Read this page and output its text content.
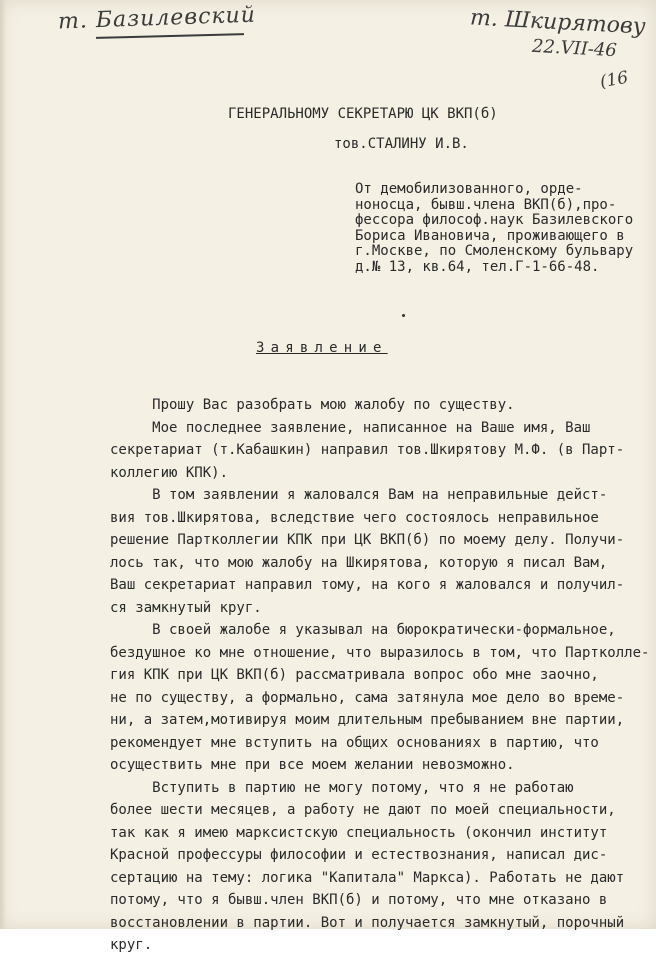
т. Базилевский	т. Шкирятову
22.VII-46
(16
ГЕНЕРАЛЬНОМУ СЕКРЕТАРЮ ЦК ВКП(б)
тов.СТАЛИНУ И.В.
От демобилизованного, орде-
ноносца, бывш.члена ВКП(б),про-
фессора философ.наук Базилевского
Бориса Ивановича, проживающего в
г.Москве, по Смоленскому бульвару
д.№ 13, кв.64, тел.Г-1-66-48.
Заявление
Прошу Вас разобрать мою жалобу по существу.
Мое последнее заявление, написанное на Ваше имя, Ваш
секретариат (т.Кабашкин) направил тов.Шкирятову М.Ф. (в Парт-
коллегию КПК).
В том заявлении я жаловался Вам на неправильные дейст-
вия тов.Шкирятова, вследствие чего состоялось неправильное
решение Партколлегии КПК при ЦК ВКП(б) по моему делу. Получи-
лось так, что мою жалобу на Шкирятова, которую я писал Вам,
Ваш секретариат направил тому, на кого я жаловался и получил-
ся замкнутый круг.
В своей жалобе я указывал на бюрократически-формальное,
бездушное ко мне отношение, что выразилось в том, что Партколле-
гия КПК при ЦК ВКП(б) рассматривала вопрос обо мне заочно,
не по существу, а формально, сама затянула мое дело во време-
ни, а затем,мотивируя моим длительным пребыванием вне партии,
рекомендует мне вступить на общих основаниях в партию, что
осуществить мне при все моем желании невозможно.
Вступить в партию не могу потому, что я не работаю
более шести месяцев, а работу не дают по моей специальности,
так как я имею марксистскую специальность (окончил институт
Красной профессуры философии и естествознания, написал дис-
сертацию на тему: логика "Капитала" Маркса). Работать не дают
потому, что я бывш.член ВКП(б) и потому, что мне отказано в
восстановлении в партии. Вот и получается замкнутый, порочный
круг.
